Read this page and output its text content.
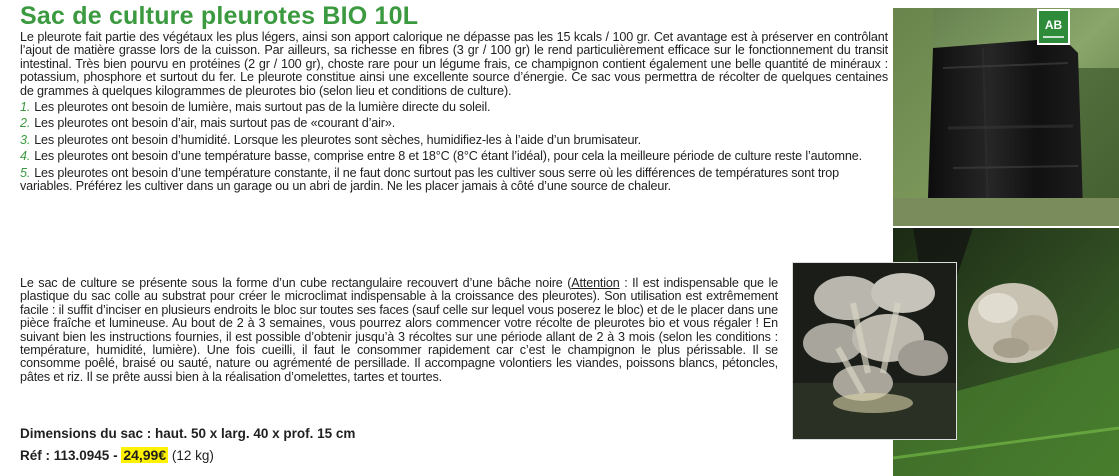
Sac de culture pleurotes BIO 10L

Le pleurote fait partie des végétaux les plus légers, ainsi son apport calorique ne dépasse pas les 15 kcals / 100 gr. Cet avantage est à préserver en contrôlant l’ajout de matière grasse lors de la cuisson. Par ailleurs, sa richesse en fibres (3 gr / 100 gr) le rend particulièrement efficace sur le fonctionnement du transit intestinal. Très bien pourvu en protéines (2 gr / 100 gr), choste rare pour un légume frais, ce champignon contient également une belle quantité de minéraux : potassium, phosphore et surtout du fer. Le pleurote constitue ainsi une excellente source d’énergie. Ce sac vous permettra de récolter de quelques centaines de grammes à quelques kilogrammes de pleurotes bio (selon lieu et conditions de culture).

1. Les pleurotes ont besoin de lumière, mais surtout pas de la lumière directe du soleil.
2. Les pleurotes ont besoin d’air, mais surtout pas de «courant d’air».
3. Les pleurotes ont besoin d’humidité. Lorsque les pleurotes sont sèches, humidifiez-les à l’aide d’un brumisateur.
4. Les pleurotes ont besoin d’une température basse, comprise entre 8 et 18°C (8°C étant l’idéal), pour cela la meilleure période de culture reste l’automne.
5. Les pleurotes ont besoin d’une température constante, il ne faut donc surtout pas les cultiver sous serre où les différences de températures sont trop variables. Préférez les cultiver dans un garage ou un abri de jardin. Ne les placer jamais à côté d’une source de chaleur.

Le sac de culture se présente sous la forme d’un cube rectangulaire recouvert d’une bâche noire (Attention : Il est indispensable que le plastique du sac colle au substrat pour créer le microclimat indispensable à la croissance des pleurotes). Son utilisation est extrêmement facile : il suffit d’inciser en plusieurs endroits le bloc sur toutes ses faces (sauf celle sur lequel vous poserez le bloc) et de le placer dans une pièce fraîche et lumineuse. Au bout de 2 à 3 semaines, vous pourrez alors commencer votre récolte de pleurotes bio et vous régaler ! En suivant bien les instructions fournies, il est possible d’obtenir jusqu’à 3 récoltes sur une période allant de 2 à 3 mois (selon les conditions : température, humidité, lumière). Une fois cueilli, il faut le consommer rapidement car c’est le champignon le plus périssable. Il se consomme poêlé, braisé ou sauté, nature ou agrémenté de persillade. Il accompagne volontiers les viandes, poissons blancs, pétoncles, pâtes et riz. Il se prête aussi bien à la réalisation d’omelettes, tartes et tourtes.

Dimensions du sac : haut. 50 x larg. 40 x prof. 15 cm
Réf : 113.0945 - 24,99€ (12 kg)
AB
